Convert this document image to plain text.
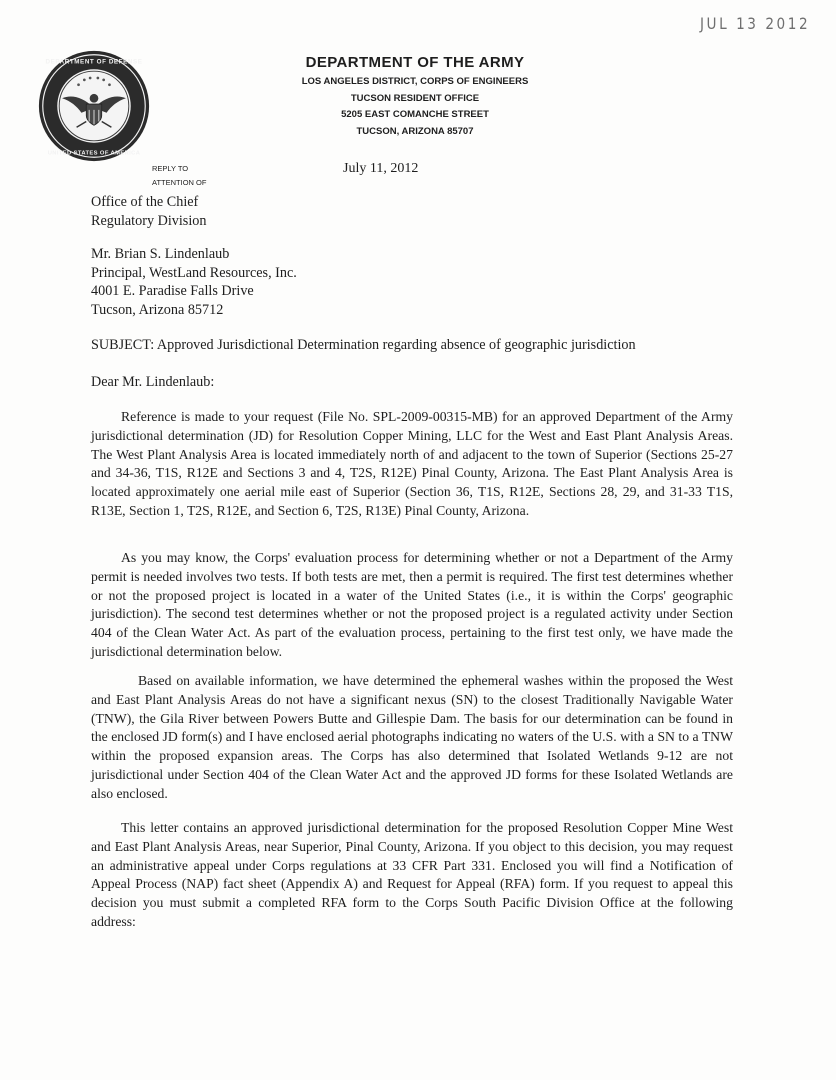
JUL 13 2012
DEPARTMENT OF DEFENSE
UNITED STATES OF AMERICA
DEPARTMENT OF THE ARMY
LOS ANGELES DISTRICT, CORPS OF ENGINEERS
TUCSON RESIDENT OFFICE
5205 EAST COMANCHE STREET
TUCSON, ARIZONA 85707
REPLY TO
ATTENTION OF
July 11, 2012
Office of the Chief
Regulatory Division
Mr. Brian S. Lindenlaub
Principal, WestLand Resources, Inc.
4001 E. Paradise Falls Drive
Tucson, Arizona 85712
SUBJECT: Approved Jurisdictional Determination regarding absence of geographic jurisdiction
Dear Mr. Lindenlaub:

Reference is made to your request (File No. SPL-2009-00315-MB) for an approved Department of the Army jurisdictional determination (JD) for Resolution Copper Mining, LLC for the West and East Plant Analysis Areas. The West Plant Analysis Area is located immediately north of and adjacent to the town of Superior (Sections 25-27 and 34-36, T1S, R12E and Sections 3 and 4, T2S, R12E) Pinal County, Arizona. The East Plant Analysis Area is located approximately one aerial mile east of Superior (Section 36, T1S, R12E, Sections 28, 29, and 31-33 T1S, R13E, Section 1, T2S, R12E, and Section 6, T2S, R13E) Pinal County, Arizona.

As you may know, the Corps' evaluation process for determining whether or not a Department of the Army permit is needed involves two tests. If both tests are met, then a permit is required. The first test determines whether or not the proposed project is located in a water of the United States (i.e., it is within the Corps' geographic jurisdiction). The second test determines whether or not the proposed project is a regulated activity under Section 404 of the Clean Water Act. As part of the evaluation process, pertaining to the first test only, we have made the jurisdictional determination below.

Based on available information, we have determined the ephemeral washes within the proposed the West and East Plant Analysis Areas do not have a significant nexus (SN) to the closest Traditionally Navigable Water (TNW), the Gila River between Powers Butte and Gillespie Dam. The basis for our determination can be found in the enclosed JD form(s) and I have enclosed aerial photographs indicating no waters of the U.S. with a SN to a TNW within the proposed expansion areas. The Corps has also determined that Isolated Wetlands 9-12 are not jurisdictional under Section 404 of the Clean Water Act and the approved JD forms for these Isolated Wetlands are also enclosed.

This letter contains an approved jurisdictional determination for the proposed Resolution Copper Mine West and East Plant Analysis Areas, near Superior, Pinal County, Arizona. If you object to this decision, you may request an administrative appeal under Corps regulations at 33 CFR Part 331. Enclosed you will find a Notification of Appeal Process (NAP) fact sheet (Appendix A) and Request for Appeal (RFA) form. If you request to appeal this decision you must submit a completed RFA form to the Corps South Pacific Division Office at the following address:
